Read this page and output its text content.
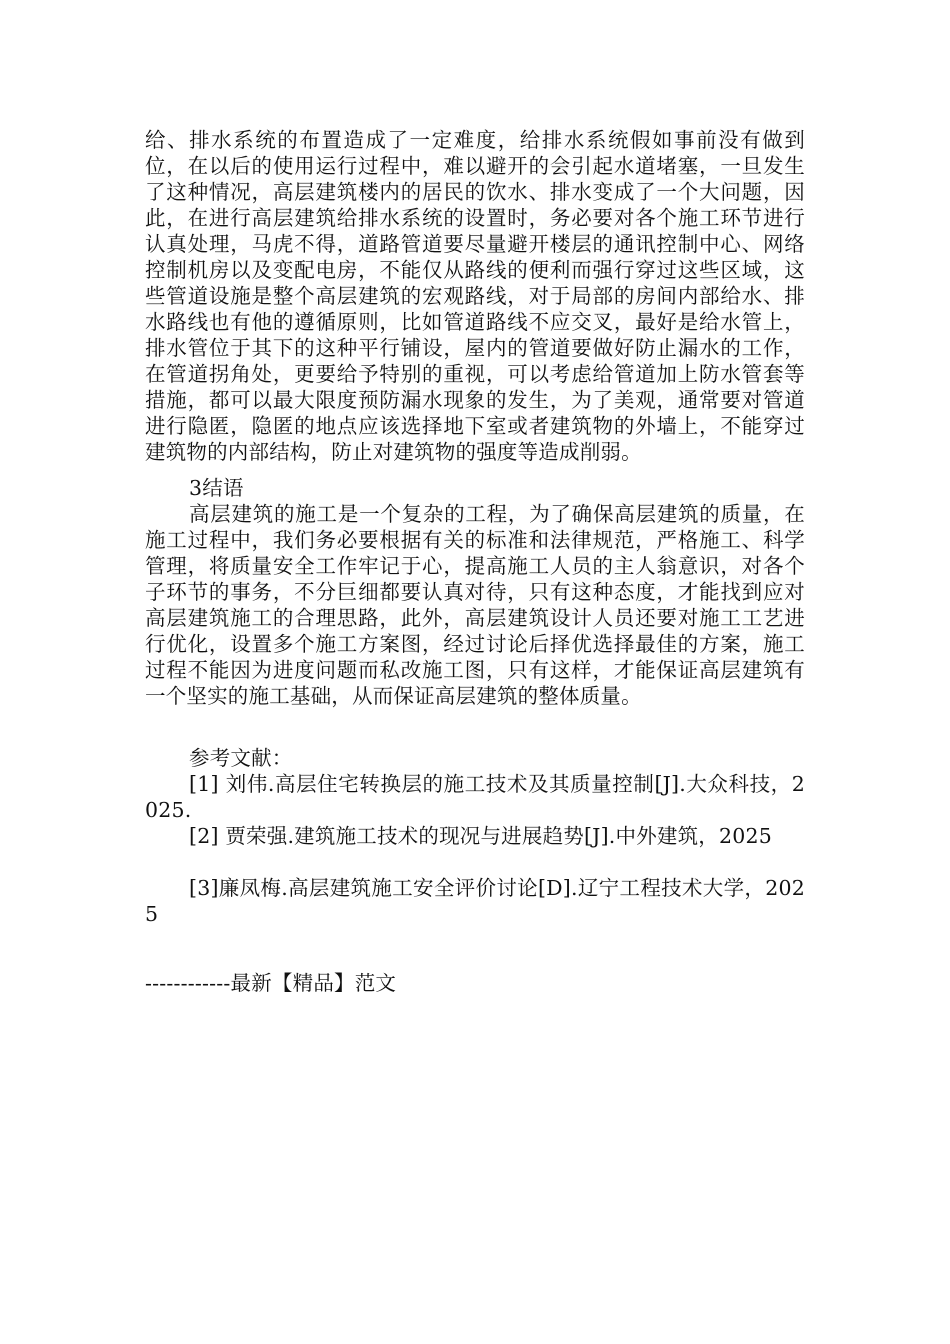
给、排水系统的布置造成了一定难度，给排水系统假如事前没有做到位，在以后的使用运行过程中，难以避开的会引起水道堵塞，一旦发生了这种情况，高层建筑楼内的居民的饮水、排水变成了一个大问题，因此，在进行高层建筑给排水系统的设置时，务必要对各个施工环节进行认真处理，马虎不得，道路管道要尽量避开楼层的通讯控制中心、网络控制机房以及变配电房，不能仅从路线的便利而强行穿过这些区域，这些管道设施是整个高层建筑的宏观路线，对于局部的房间内部给水、排水路线也有他的遵循原则，比如管道路线不应交叉，最好是给水管上，排水管位于其下的这种平行铺设，屋内的管道要做好防止漏水的工作，在管道拐角处，更要给予特别的重视，可以考虑给管道加上防水管套等措施，都可以最大限度预防漏水现象的发生，为了美观，通常要对管道进行隐匿，隐匿的地点应该选择地下室或者建筑物的外墙上，不能穿过建筑物的内部结构，防止对建筑物的强度等造成削弱。

3结语

高层建筑的施工是一个复杂的工程，为了确保高层建筑的质量，在施工过程中，我们务必要根据有关的标准和法律规范，严格施工、科学管理，将质量安全工作牢记于心，提高施工人员的主人翁意识，对各个子环节的事务，不分巨细都要认真对待，只有这种态度，才能找到应对高层建筑施工的合理思路，此外，高层建筑设计人员还要对施工工艺进行优化，设置多个施工方案图，经过讨论后择优选择最佳的方案，施工过程不能因为进度问题而私改施工图，只有这样，才能保证高层建筑有一个坚实的施工基础，从而保证高层建筑的整体质量。

参考文献：

[1] 刘伟.高层住宅转换层的施工技术及其质量控制[J].大众科技，2025.

[2] 贾荣强.建筑施工技术的现况与进展趋势[J].中外建筑，2025

[3]廉凤梅.高层建筑施工安全评价讨论[D].辽宁工程技术大学，2025

------------最新【精品】范文
